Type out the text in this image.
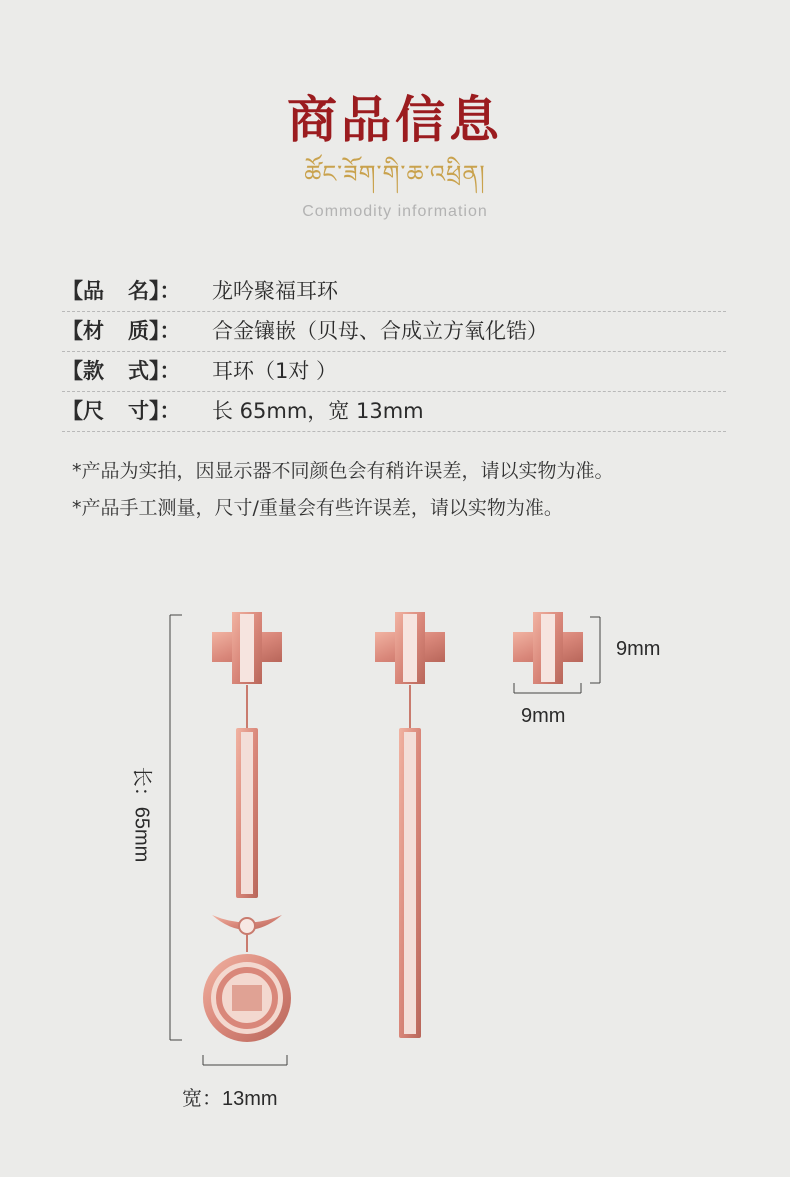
商品信息
ཚོང་ཟོག་གི་ཆ་འཕྲིན།
Commodity information
【品 名】： 龙吟聚福耳环
【材 质】： 合金镶嵌（贝母、合成立方氧化锆）
【款 式】： 耳环（1对 ）
【尺 寸】： 长 65mm，宽 13mm
*产品为实拍，因显示器不同颜色会有稍许误差，请以实物为准。
*产品手工测量，尺寸/重量会有些许误差，请以实物为准。
长：65mm
宽：13mm
9mm
9mm
